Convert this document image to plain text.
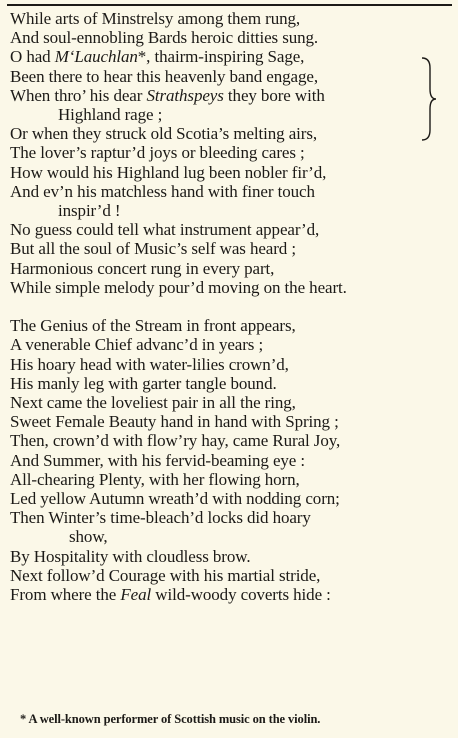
While arts of Minstrelsy among them rung,
And soul-ennobling Bards heroic ditties sung.
O had M‘Lauchlan*, thairm-inspiring Sage,
Been there to hear this heavenly band engage,
When thro’ his dear Strathspeys they bore with
Highland rage ;
Or when they struck old Scotia’s melting airs,
The lover’s raptur’d joys or bleeding cares ;
How would his Highland lug been nobler fir’d,
And ev’n his matchless hand with finer touch
inspir’d !
No guess could tell what instrument appear’d,
But all the soul of Music’s self was heard ;
Harmonious concert rung in every part,
While simple melody pour’d moving on the heart.
The Genius of the Stream in front appears,
A venerable Chief advanc’d in years ;
His hoary head with water-lilies crown’d,
His manly leg with garter tangle bound.
Next came the loveliest pair in all the ring,
Sweet Female Beauty hand in hand with Spring ;
Then, crown’d with flow’ry hay, came Rural Joy,
And Summer, with his fervid-beaming eye :
All-chearing Plenty, with her flowing horn,
Led yellow Autumn wreath’d with nodding corn;
Then Winter’s time-bleach’d locks did hoary
show,
By Hospitality with cloudless brow.
Next follow’d Courage with his martial stride,
From where the Feal wild-woody coverts hide :
* A well-known performer of Scottish music on the violin.
